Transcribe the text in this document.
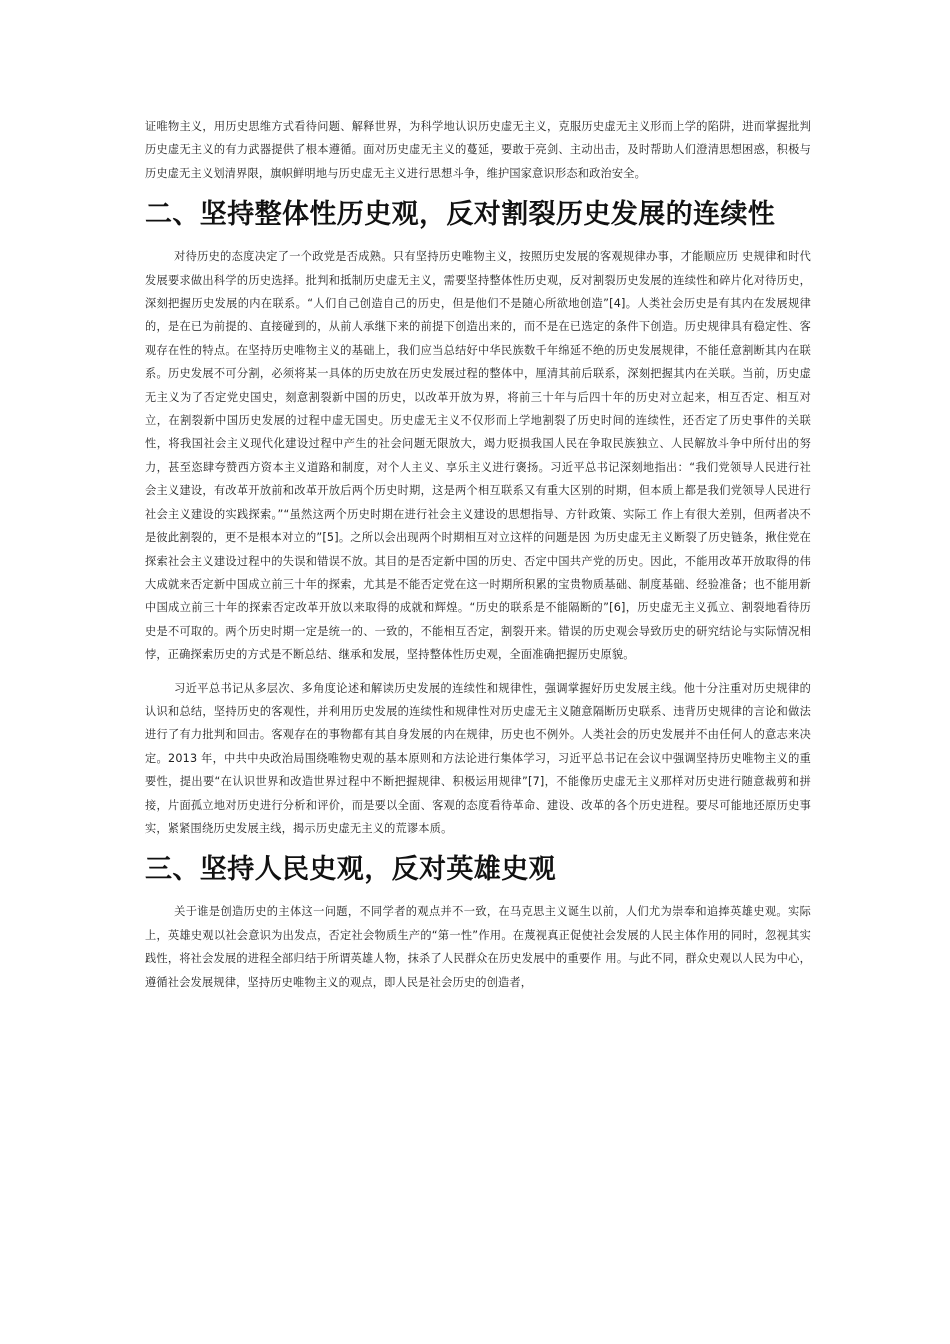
证唯物主义，用历史思维方式看待问题、解释世界，为科学地认识历史虚无主义，克服历史虚无主义形而上学的陷阱，进而掌握批判历史虚无主义的有力武器提供了根本遵循。面对历史虚无主义的蔓延，要敢于亮剑、主动出击，及时帮助人们澄清思想困惑，积极与历史虚无主义划清界限，旗帜鲜明地与历史虚无主义进行思想斗争，维护国家意识形态和政治安全。

二、坚持整体性历史观，反对割裂历史发展的连续性

对待历史的态度决定了一个政党是否成熟。只有坚持历史唯物主义，按照历史发展的客观规律办事，才能顺应历 史规律和时代发展要求做出科学的历史选择。批判和抵制历史虚无主义，需要坚持整体性历史观，反对割裂历史发展的连续性和碎片化对待历史，深刻把握历史发展的内在联系。“人们自己创造自己的历史，但是他们不是随心所欲地创造”[4]。人类社会历史是有其内在发展规律的，是在已为前提的、直接碰到的，从前人承继下来的前提下创造出来的，而不是在已选定的条件下创造。历史规律具有稳定性、客观存在性的特点。在坚持历史唯物主义的基础上，我们应当总结好中华民族数千年绵延不绝的历史发展规律，不能任意割断其内在联系。历史发展不可分割，必须将某一具体的历史放在历史发展过程的整体中，厘清其前后联系，深刻把握其内在关联。当前，历史虚无主义为了否定党史国史，刻意割裂新中国的历史，以改革开放为界，将前三十年与后四十年的历史对立起来，相互否定、相互对立，在割裂新中国历史发展的过程中虚无国史。历史虚无主义不仅形而上学地割裂了历史时间的连续性，还否定了历史事件的关联性，将我国社会主义现代化建设过程中产生的社会问题无限放大，竭力贬损我国人民在争取民族独立、人民解放斗争中所付出的努力，甚至恣肆夸赞西方资本主义道路和制度，对个人主义、享乐主义进行褒扬。习近平总书记深刻地指出：“我们党领导人民进行社会主义建设，有改革开放前和改革开放后两个历史时期，这是两个相互联系又有重大区别的时期，但本质上都是我们党领导人民进行社会主义建设的实践探索。”“虽然这两个历史时期在进行社会主义建设的思想指导、方针政策、实际工 作上有很大差别，但两者决不是彼此割裂的，更不是根本对立的”[5]。之所以会出现两个时期相互对立这样的问题是因 为历史虚无主义断裂了历史链条，揪住党在探索社会主义建设过程中的失误和错误不放。其目的是否定新中国的历史、否定中国共产党的历史。因此，不能用改革开放取得的伟大成就来否定新中国成立前三十年的探索，尤其是不能否定党在这一时期所积累的宝贵物质基础、制度基础、经验准备；也不能用新中国成立前三十年的探索否定改革开放以来取得的成就和辉煌。“历史的联系是不能隔断的”[6]，历史虚无主义孤立、割裂地看待历史是不可取的。两个历史时期一定是统一的、一致的，不能相互否定，割裂开来。错误的历史观会导致历史的研究结论与实际情况相悖，正确探索历史的方式是不断总结、继承和发展，坚持整体性历史观，全面准确把握历史原貌。

习近平总书记从多层次、多角度论述和解读历史发展的连续性和规律性，强调掌握好历史发展主线。他十分注重对历史规律的认识和总结，坚持历史的客观性，并利用历史发展的连续性和规律性对历史虚无主义随意隔断历史联系、违背历史规律的言论和做法进行了有力批判和回击。客观存在的事物都有其自身发展的内在规律，历史也不例外。人类社会的历史发展并不由任何人的意志来决定。2013 年，中共中央政治局围绕唯物史观的基本原则和方法论进行集体学习，习近平总书记在会议中强调坚持历史唯物主义的重要性，提出要“在认识世界和改造世界过程中不断把握规律、积极运用规律”[7]，不能像历史虚无主义那样对历史进行随意裁剪和拼接，片面孤立地对历史进行分析和评价，而是要以全面、客观的态度看待革命、建设、改革的各个历史进程。要尽可能地还原历史事实，紧紧围绕历史发展主线，揭示历史虚无主义的荒谬本质。

三、坚持人民史观，反对英雄史观

关于谁是创造历史的主体这一问题，不同学者的观点并不一致，在马克思主义诞生以前，人们尤为崇奉和追捧英雄史观。实际上，英雄史观以社会意识为出发点，否定社会物质生产的“第一性”作用。在蔑视真正促使社会发展的人民主体作用的同时，忽视其实践性，将社会发展的进程全部归结于所谓英雄人物，抹杀了人民群众在历史发展中的重要作 用。与此不同，群众史观以人民为中心，遵循社会发展规律，坚持历史唯物主义的观点，即人民是社会历史的创造者，
